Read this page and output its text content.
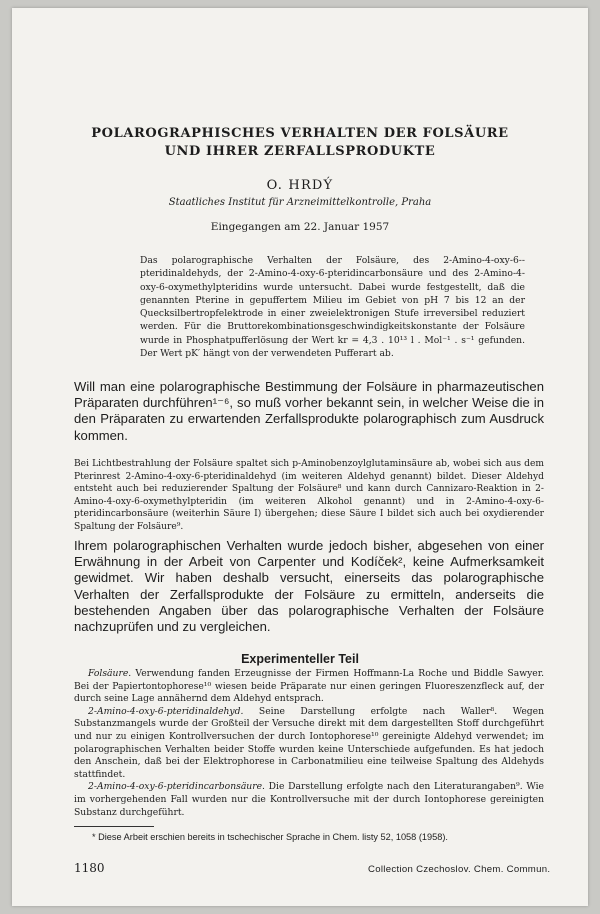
POLAROGRAPHISCHES VERHALTEN DER FOLSÄURE
UND IHRER ZERFALLSPRODUKTE
O. HRDÝ
Staatliches Institut für Arzneimittelkontrolle, Praha
Eingegangen am 22. Januar 1957
Das polarographische Verhalten der Folsäure, des 2-Amino-4-oxy-6--pteridinaldehyds, der 2-Amino-4-oxy-6-pteridincarbonsäure und des 2-Amino-4-oxy-6-oxymethylpteridins wurde untersucht. Dabei wurde festgestellt, daß die genannten Pterine in gepuffertem Milieu im Gebiet von pH 7 bis 12 an der Quecksilbertropfelektrode in einer zweielektronigen Stufe irreversibel reduziert werden. Für die Bruttorekombinationsgeschwindigkeitskonstante der Folsäure wurde in Phosphatpufferlösung der Wert kr = 4,3 . 10¹³ l . Mol⁻¹ . s⁻¹ gefunden. Der Wert pK′ hängt von der verwendeten Pufferart ab.
Will man eine polarographische Bestimmung der Folsäure in pharmazeutischen Präparaten durchführen¹⁻⁶, so muß vorher bekannt sein, in welcher Weise die in den Präparaten zu erwartenden Zerfallsprodukte polarographisch zum Ausdruck kommen.
Bei Lichtbestrahlung der Folsäure spaltet sich p-Aminobenzoylglutaminsäure ab, wobei sich aus dem Pterinrest 2-Amino-4-oxy-6-pteridinaldehyd (im weiteren Aldehyd genannt) bildet. Dieser Aldehyd entsteht auch bei reduzierender Spaltung der Folsäure⁸ und kann durch Cannizaro-Reaktion in 2-Amino-4-oxy-6-oxymethylpteridin (im weiteren Alkohol genannt) und in 2-Amino-4-oxy-6-pteridincarbonsäure (weiterhin Säure I) übergehen; diese Säure I bildet sich auch bei oxydierender Spaltung der Folsäure⁹.
Ihrem polarographischen Verhalten wurde jedoch bisher, abgesehen von einer Erwähnung in der Arbeit von Carpenter und Kodíček², keine Aufmerksamkeit gewidmet. Wir haben deshalb versucht, einerseits das polarographische Verhalten der Zerfallsprodukte der Folsäure zu ermitteln, anderseits die bestehenden Angaben über das polarographische Verhalten der Folsäure nachzuprüfen und zu vergleichen.
Experimenteller Teil

Folsäure. Verwendung fanden Erzeugnisse der Firmen Hoffmann-La Roche und Biddle Sawyer. Bei der Papiertontophorese¹⁰ wiesen beide Präparate nur einen geringen Fluoreszenzfleck auf, der durch seine Lage annähernd dem Aldehyd entsprach.

2-Amino-4-oxy-6-pteridinaldehyd. Seine Darstellung erfolgte nach Waller⁸. Wegen Substanzmangels wurde der Großteil der Versuche direkt mit dem dargestellten Stoff durchgeführt und nur zu einigen Kontrollversuchen der durch Iontophorese¹⁰ gereinigte Aldehyd verwendet; im polarographischen Verhalten beider Stoffe wurden keine Unterschiede aufgefunden. Es hat jedoch den Anschein, daß bei der Elektrophorese in Carbonatmilieu eine teilweise Spaltung des Aldehyds stattfindet.

2-Amino-4-oxy-6-pteridincarbonsäure. Die Darstellung erfolgte nach den Literaturangaben⁹. Wie im vorhergehenden Fall wurden nur die Kontrollversuche mit der durch Iontophorese gereinigten Substanz durchgeführt.

* Diese Arbeit erschien bereits in tschechischer Sprache in Chem. listy 52, 1058 (1958).
1180	Collection Czechoslov. Chem. Commun.
